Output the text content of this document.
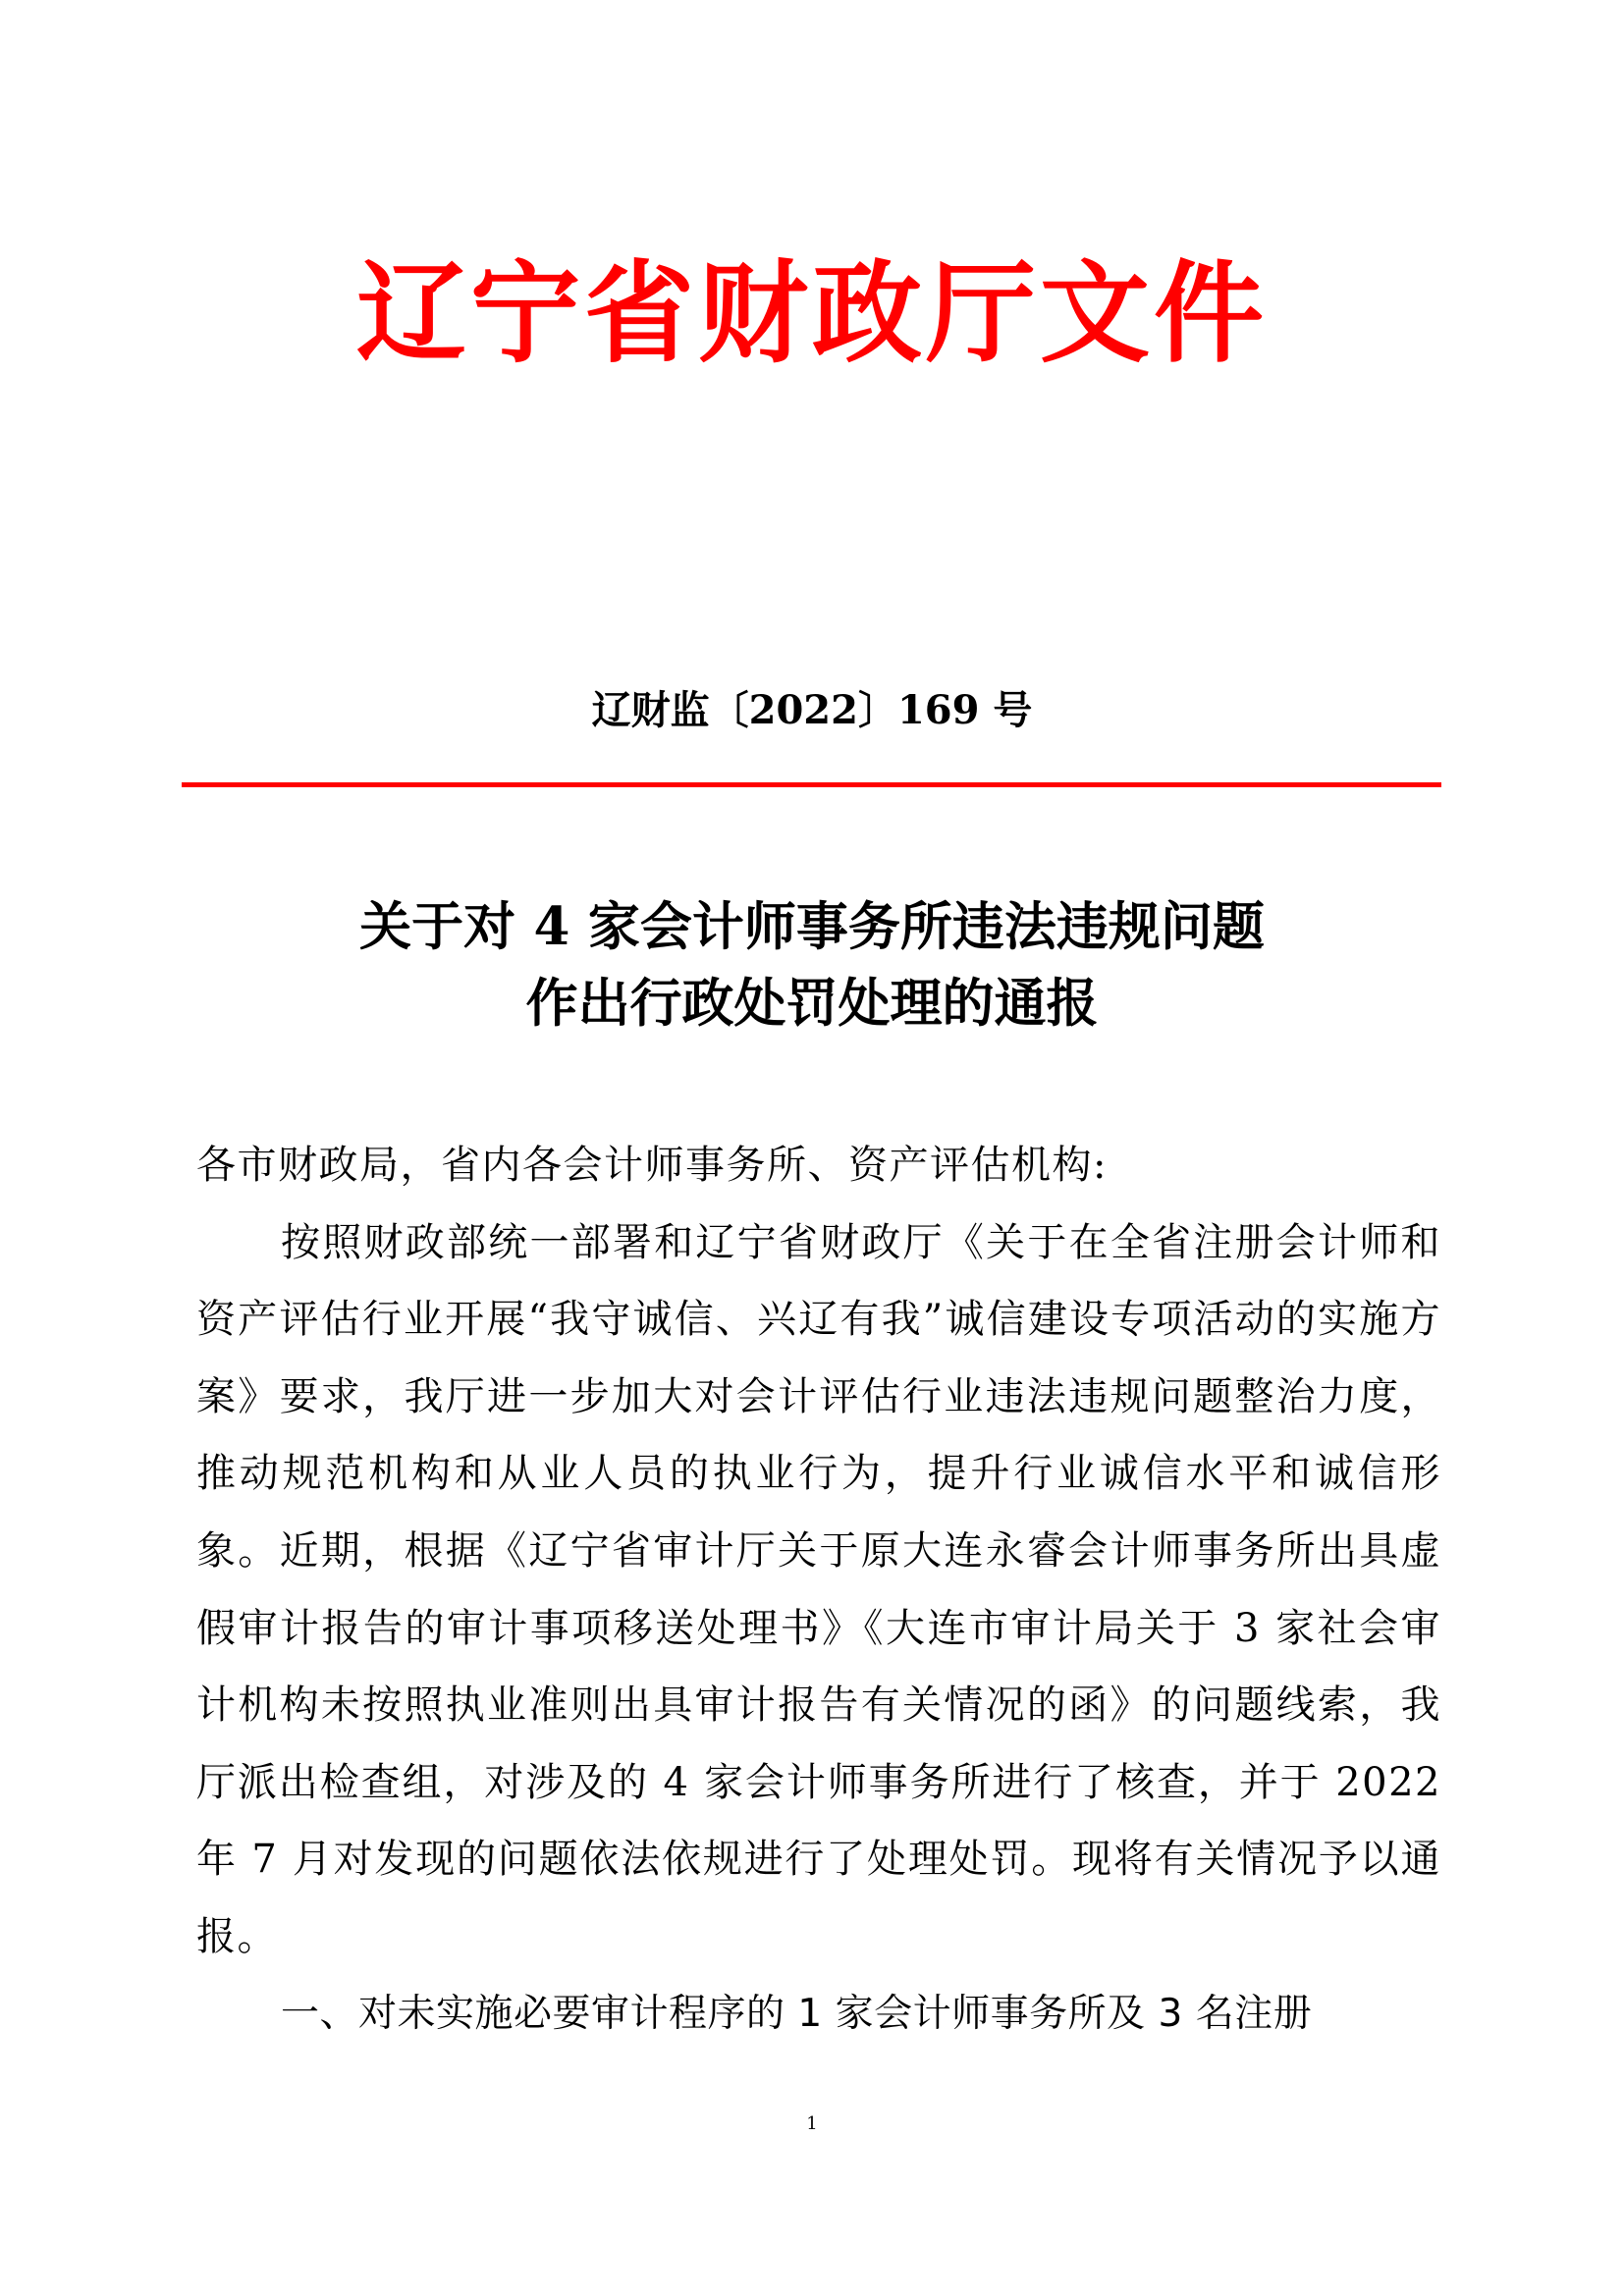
辽宁省财政厅文件
辽财监〔2022〕169 号
关于对 4 家会计师事务所违法违规问题
作出行政处罚处理的通报
各市财政局，省内各会计师事务所、资产评估机构:

按照财政部统一部署和辽宁省财政厅《关于在全省注册会计师和资产评估行业开展“我守诚信、兴辽有我”诚信建设专项活动的实施方案》要求，我厅进一步加大对会计评估行业违法违规问题整治力度，推动规范机构和从业人员的执业行为，提升行业诚信水平和诚信形象。近期，根据《辽宁省审计厅关于原大连永睿会计师事务所出具虚假审计报告的审计事项移送处理书》《大连市审计局关于 3 家社会审计机构未按照执业准则出具审计报告有关情况的函》的问题线索，我厅派出检查组，对涉及的 4 家会计师事务所进行了核查，并于 2022 年 7 月对发现的问题依法依规进行了处理处罚。现将有关情况予以通报。

一、对未实施必要审计程序的 1 家会计师事务所及 3 名注册
1
